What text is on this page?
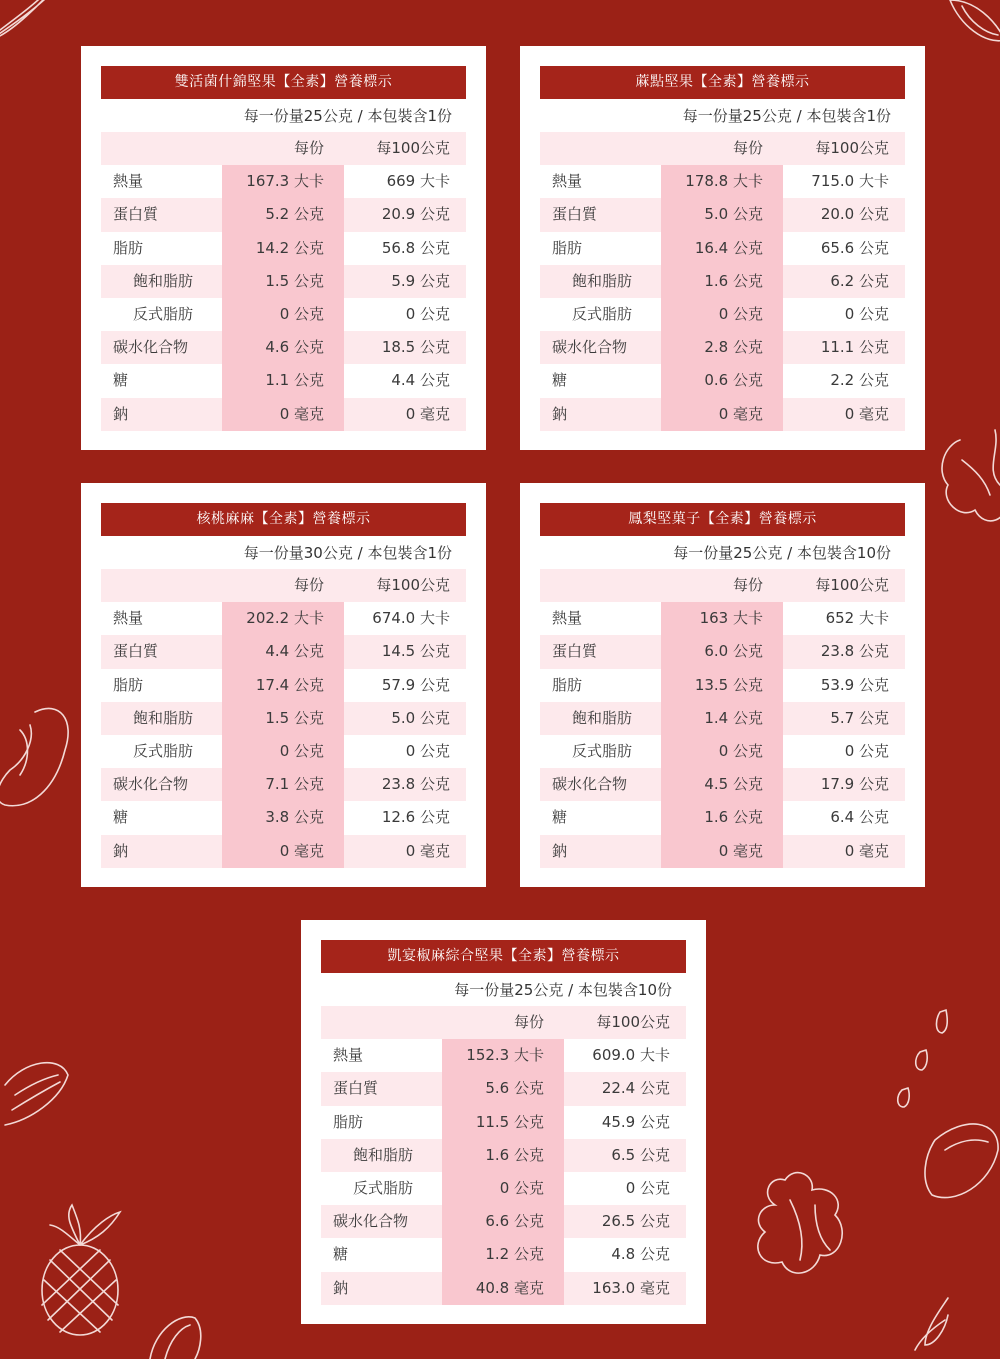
雙活菌什錦堅果【全素】營養標示
每一份量25公克 / 本包裝含1份
每份	每100公克
熱量	167.3 大卡	669 大卡
蛋白質	5.2 公克	20.9 公克
脂肪	14.2 公克	56.8 公克
飽和脂肪	1.5 公克	5.9 公克
反式脂肪	0 公克	0 公克
碳水化合物	4.6 公克	18.5 公克
糖	1.1 公克	4.4 公克
鈉	0 毫克	0 毫克
蔴點堅果【全素】營養標示
每一份量25公克 / 本包裝含1份
每份	每100公克
熱量	178.8 大卡	715.0 大卡
蛋白質	5.0 公克	20.0 公克
脂肪	16.4 公克	65.6 公克
飽和脂肪	1.6 公克	6.2 公克
反式脂肪	0 公克	0 公克
碳水化合物	2.8 公克	11.1 公克
糖	0.6 公克	2.2 公克
鈉	0 毫克	0 毫克
核桃麻麻【全素】營養標示
每一份量30公克 / 本包裝含1份
每份	每100公克
熱量	202.2 大卡	674.0 大卡
蛋白質	4.4 公克	14.5 公克
脂肪	17.4 公克	57.9 公克
飽和脂肪	1.5 公克	5.0 公克
反式脂肪	0 公克	0 公克
碳水化合物	7.1 公克	23.8 公克
糖	3.8 公克	12.6 公克
鈉	0 毫克	0 毫克
鳳梨堅菓子【全素】營養標示
每一份量25公克 / 本包裝含10份
每份	每100公克
熱量	163 大卡	652 大卡
蛋白質	6.0 公克	23.8 公克
脂肪	13.5 公克	53.9 公克
飽和脂肪	1.4 公克	5.7 公克
反式脂肪	0 公克	0 公克
碳水化合物	4.5 公克	17.9 公克
糖	1.6 公克	6.4 公克
鈉	0 毫克	0 毫克
凱宴椒麻綜合堅果【全素】營養標示
每一份量25公克 / 本包裝含10份
每份	每100公克
熱量	152.3 大卡	609.0 大卡
蛋白質	5.6 公克	22.4 公克
脂肪	11.5 公克	45.9 公克
飽和脂肪	1.6 公克	6.5 公克
反式脂肪	0 公克	0 公克
碳水化合物	6.6 公克	26.5 公克
糖	1.2 公克	4.8 公克
鈉	40.8 毫克	163.0 毫克
